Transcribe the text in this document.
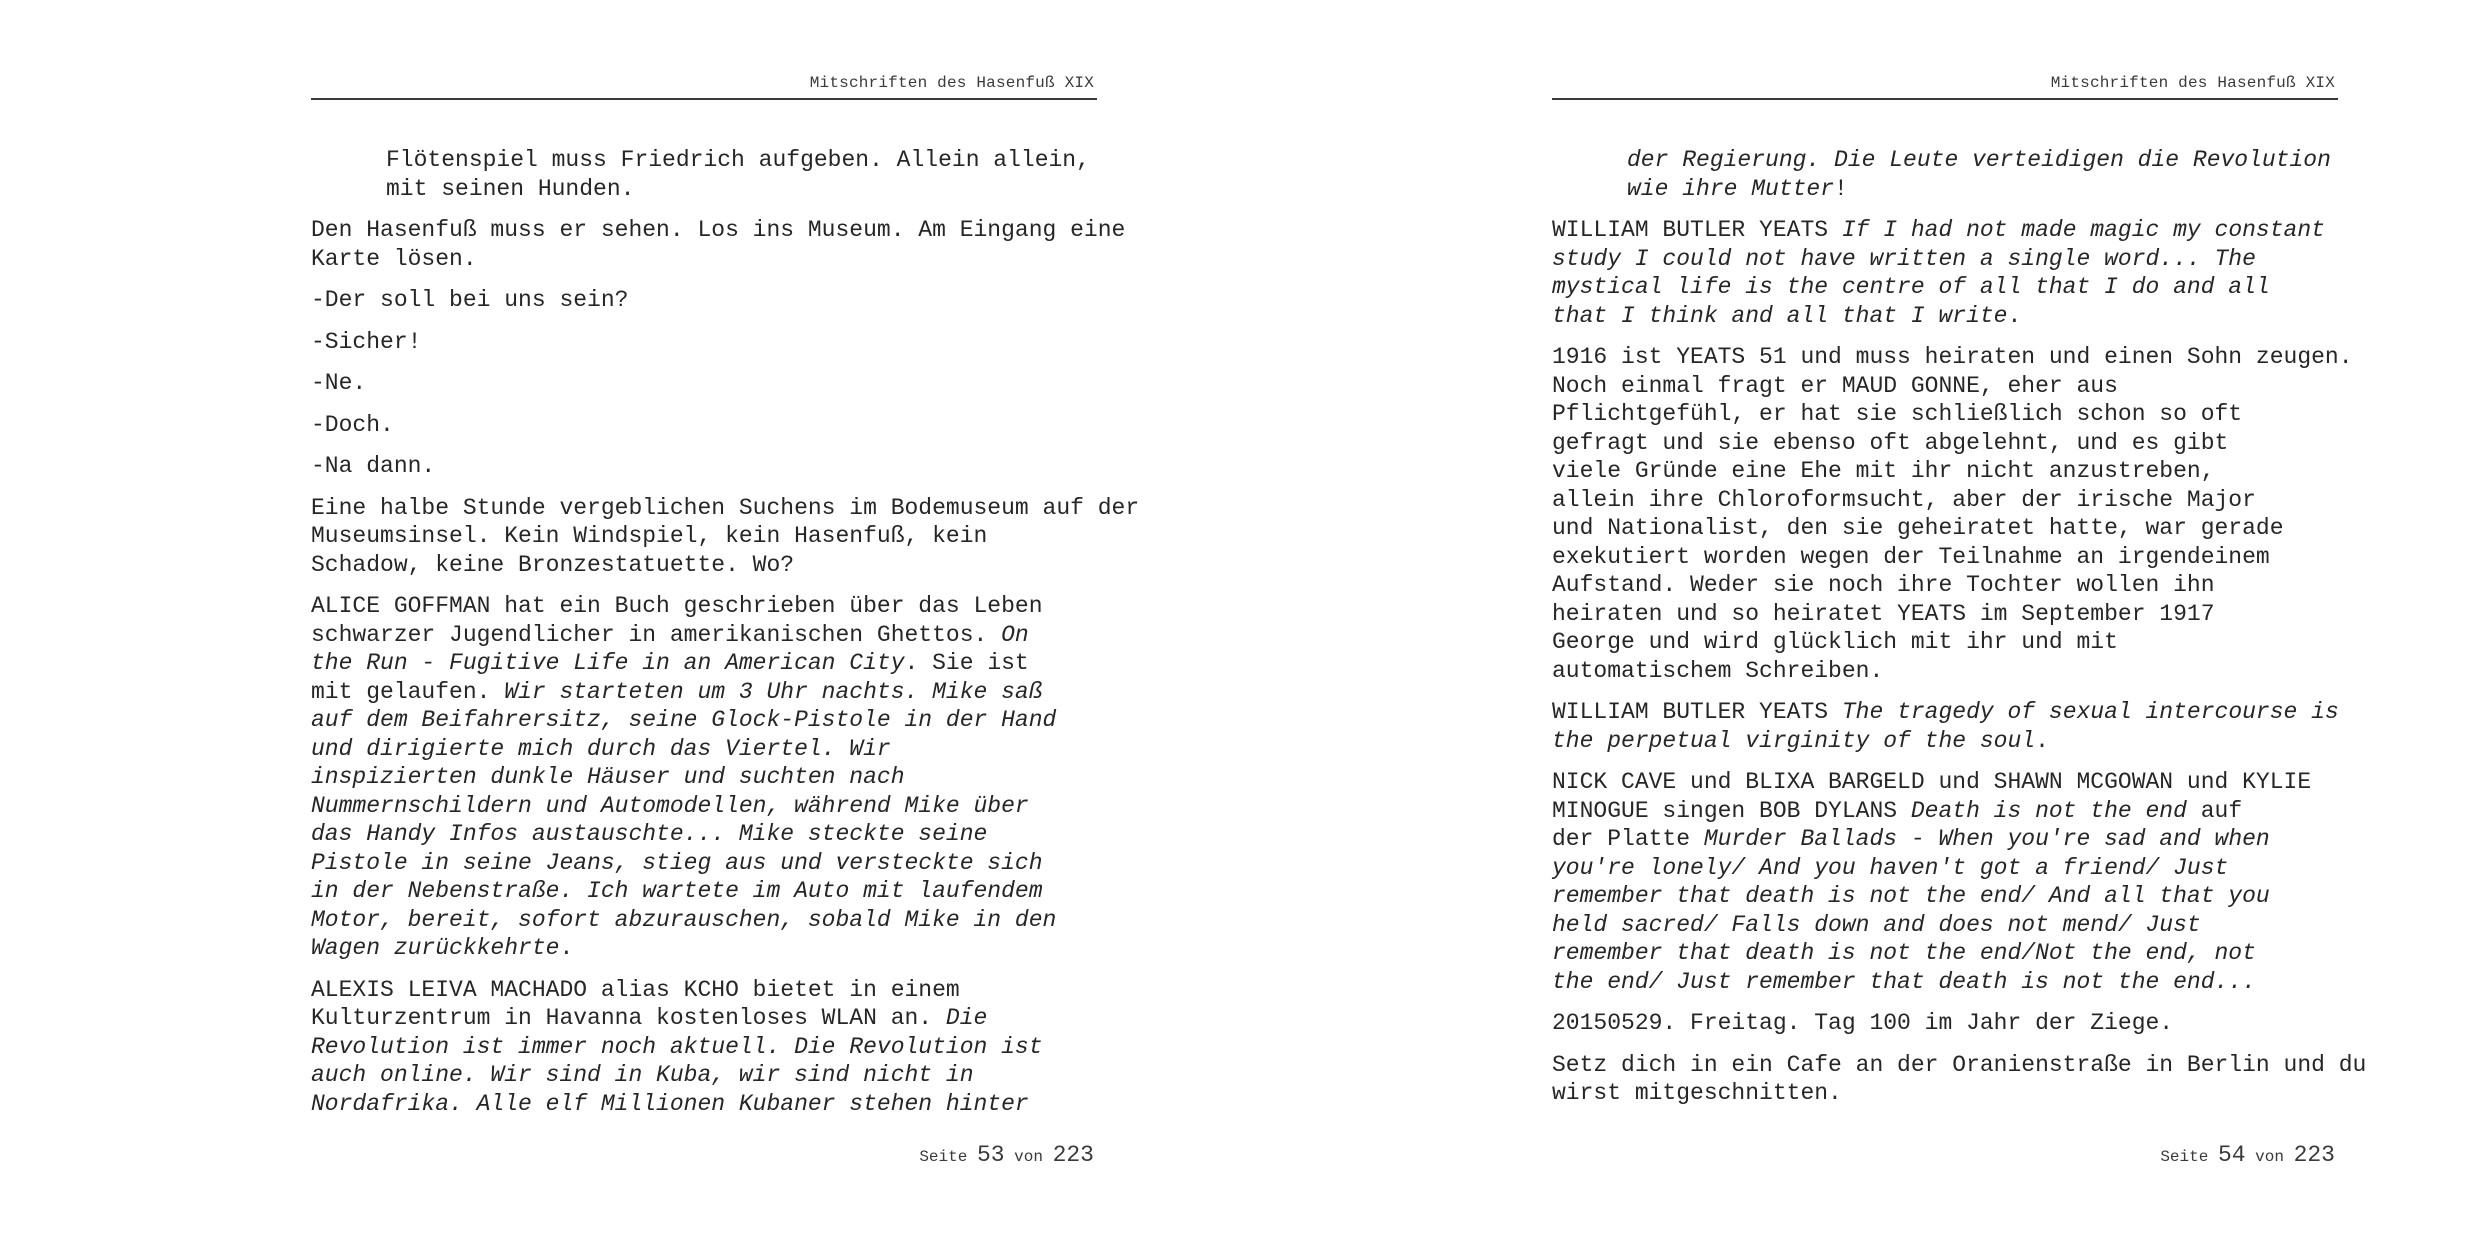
Mitschriften des Hasenfuß XIX

Flötenspiel muss Friedrich aufgeben. Allein allein,
mit seinen Hunden.

Den Hasenfuß muss er sehen. Los ins Museum. Am Eingang eine
Karte lösen.

-Der soll bei uns sein?

-Sicher!

-Ne.

-Doch.

-Na dann.

Eine halbe Stunde vergeblichen Suchens im Bodemuseum auf der
Museumsinsel. Kein Windspiel, kein Hasenfuß, kein
Schadow, keine Bronzestatuette. Wo?

ALICE GOFFMAN hat ein Buch geschrieben über das Leben
schwarzer Jugendlicher in amerikanischen Ghettos. On
the Run - Fugitive Life in an American City. Sie ist
mit gelaufen. Wir starteten um 3 Uhr nachts. Mike saß
auf dem Beifahrersitz, seine Glock-Pistole in der Hand
und dirigierte mich durch das Viertel. Wir
inspizierten dunkle Häuser und suchten nach
Nummernschildern und Automodellen, während Mike über
das Handy Infos austauschte... Mike steckte seine
Pistole in seine Jeans, stieg aus und versteckte sich
in der Nebenstraße. Ich wartete im Auto mit laufendem
Motor, bereit, sofort abzurauschen, sobald Mike in den
Wagen zurückkehrte.

ALEXIS LEIVA MACHADO alias KCHO bietet in einem
Kulturzentrum in Havanna kostenloses WLAN an. Die
Revolution ist immer noch aktuell. Die Revolution ist
auch online. Wir sind in Kuba, wir sind nicht in
Nordafrika. Alle elf Millionen Kubaner stehen hinter

Seite 53 von 223
Mitschriften des Hasenfuß XIX

der Regierung. Die Leute verteidigen die Revolution
wie ihre Mutter!

WILLIAM BUTLER YEATS If I had not made magic my constant
study I could not have written a single word... The
mystical life is the centre of all that I do and all
that I think and all that I write.

1916 ist YEATS 51 und muss heiraten und einen Sohn zeugen.
Noch einmal fragt er MAUD GONNE, eher aus
Pflichtgefühl, er hat sie schließlich schon so oft
gefragt und sie ebenso oft abgelehnt, und es gibt
viele Gründe eine Ehe mit ihr nicht anzustreben,
allein ihre Chloroformsucht, aber der irische Major
und Nationalist, den sie geheiratet hatte, war gerade
exekutiert worden wegen der Teilnahme an irgendeinem
Aufstand. Weder sie noch ihre Tochter wollen ihn
heiraten und so heiratet YEATS im September 1917
George und wird glücklich mit ihr und mit
automatischem Schreiben.

WILLIAM BUTLER YEATS The tragedy of sexual intercourse is
the perpetual virginity of the soul.

NICK CAVE und BLIXA BARGELD und SHAWN MCGOWAN und KYLIE
MINOGUE singen BOB DYLANS Death is not the end auf
der Platte Murder Ballads - When you're sad and when
you're lonely/ And you haven't got a friend/ Just
remember that death is not the end/ And all that you
held sacred/ Falls down and does not mend/ Just
remember that death is not the end/Not the end, not
the end/ Just remember that death is not the end...

20150529. Freitag. Tag 100 im Jahr der Ziege.

Setz dich in ein Cafe an der Oranienstraße in Berlin und du
wirst mitgeschnitten.

Seite 54 von 223
